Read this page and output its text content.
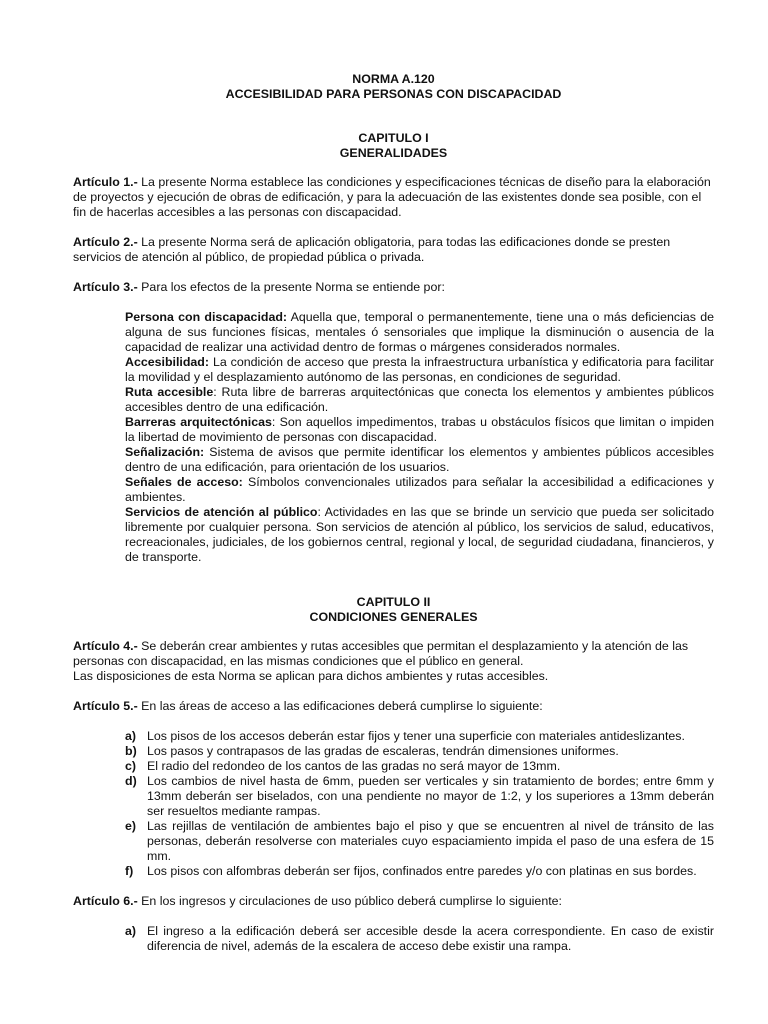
NORMA A.120
ACCESIBILIDAD PARA PERSONAS CON DISCAPACIDAD
CAPITULO I
GENERALIDADES

Artículo 1.- La presente Norma establece las condiciones y especificaciones técnicas de diseño para la elaboración de proyectos y ejecución de obras de edificación, y para la adecuación de las existentes donde sea posible, con el fin de hacerlas accesibles a las personas con discapacidad.

Artículo 2.- La presente Norma será de aplicación obligatoria, para todas las edificaciones donde se presten servicios de atención al público, de propiedad pública o privada.

Artículo 3.- Para los efectos de la presente Norma se entiende por:

Persona con discapacidad: Aquella que, temporal o permanentemente, tiene una o más deficiencias de alguna de sus funciones físicas, mentales ó sensoriales que implique la disminución o ausencia de la capacidad de realizar una actividad dentro de formas o márgenes considerados normales.
Accesibilidad: La condición de acceso que presta la infraestructura urbanística y edificatoria para facilitar la movilidad y el desplazamiento autónomo de las personas, en condiciones de seguridad.
Ruta accesible: Ruta libre de barreras arquitectónicas que conecta los elementos y ambientes públicos accesibles dentro de una edificación.
Barreras arquitectónicas: Son aquellos impedimentos, trabas u obstáculos físicos que limitan o impiden la libertad de movimiento de personas con discapacidad.
Señalización: Sistema de avisos que permite identificar los elementos y ambientes públicos accesibles dentro de una edificación, para orientación de los usuarios.
Señales de acceso: Símbolos convencionales utilizados para señalar la accesibilidad a edificaciones y ambientes.
Servicios de atención al público: Actividades en las que se brinde un servicio que pueda ser solicitado libremente por cualquier persona. Son servicios de atención al público, los servicios de salud, educativos, recreacionales, judiciales, de los gobiernos central, regional y local, de seguridad ciudadana, financieros, y de transporte.
CAPITULO II
CONDICIONES GENERALES

Artículo 4.- Se deberán crear ambientes y rutas accesibles que permitan el desplazamiento y la atención de las personas con discapacidad, en las mismas condiciones que el público en general.
Las disposiciones de esta Norma se aplican para dichos ambientes y rutas accesibles.

Artículo 5.- En las áreas de acceso a las edificaciones deberá cumplirse lo siguiente:

a) Los pisos de los accesos deberán estar fijos y tener una superficie con materiales antideslizantes.
b) Los pasos y contrapasos de las gradas de escaleras, tendrán dimensiones uniformes.
c) El radio del redondeo de los cantos de las gradas no será mayor de 13mm.
d) Los cambios de nivel hasta de 6mm, pueden ser verticales y sin tratamiento de bordes; entre 6mm y 13mm deberán ser biselados, con una pendiente no mayor de 1:2, y los superiores a 13mm deberán ser resueltos mediante rampas.
e) Las rejillas de ventilación de ambientes bajo el piso y que se encuentren al nivel de tránsito de las personas, deberán resolverse con materiales cuyo espaciamiento impida el paso de una esfera de 15 mm.
f) Los pisos con alfombras deberán ser fijos, confinados entre paredes y/o con platinas en sus bordes.

Artículo 6.- En los ingresos y circulaciones de uso público deberá cumplirse lo siguiente:

a) El ingreso a la edificación deberá ser accesible desde la acera correspondiente. En caso de existir diferencia de nivel, además de la escalera de acceso debe existir una rampa.
